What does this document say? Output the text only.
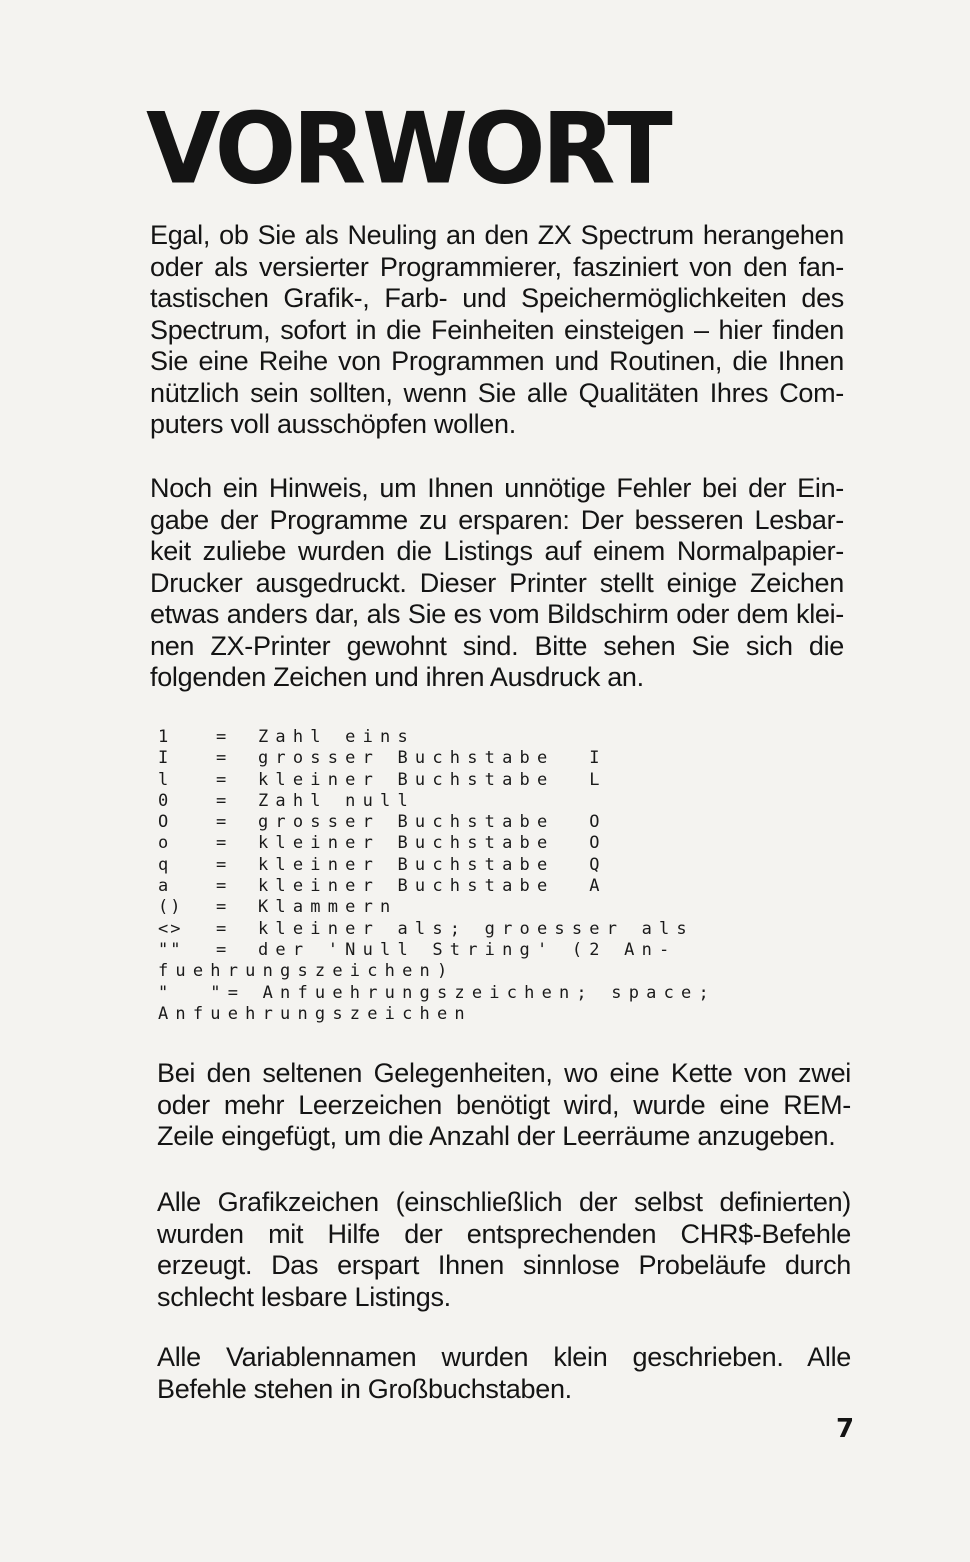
VORWORT
Egal, ob Sie als Neuling an den ZX Spectrum herangehen
oder als versierter Programmierer, fasziniert von den fan-
tastischen Grafik-, Farb- und Speichermöglichkeiten des
Spectrum, sofort in die Feinheiten einsteigen – hier finden
Sie eine Reihe von Programmen und Routinen, die Ihnen
nützlich sein sollten, wenn Sie alle Qualitäten Ihres Com-
puters voll ausschöpfen wollen.
Noch ein Hinweis, um Ihnen unnötige Fehler bei der Ein-
gabe der Programme zu ersparen: Der besseren Lesbar-
keit zuliebe wurden die Listings auf einem Normalpapier-
Drucker ausgedruckt. Dieser Printer stellt einige Zeichen
etwas anders dar, als Sie es vom Bildschirm oder dem klei-
nen ZX-Printer gewohnt sind. Bitte sehen Sie sich die
folgenden Zeichen und ihren Ausdruck an.
1	=	Zahl eins
I	=	grosser Buchstabe  I
l	=	kleiner Buchstabe  L
0	=	Zahl null
O	=	grosser Buchstabe  O
o	=	kleiner Buchstabe  O
q	=	kleiner Buchstabe  Q
a	=	kleiner Buchstabe  A
()	=	Klammern
<>	=	kleiner als; groesser als
""	=	der 'Null String' (2 An-
fuehrungszeichen)
"  "= Anfuehrungszeichen; space;
Anfuehrungszeichen
Bei den seltenen Gelegenheiten, wo eine Kette von zwei
oder mehr Leerzeichen benötigt wird, wurde eine REM-
Zeile eingefügt, um die Anzahl der Leerräume anzugeben.
Alle Grafikzeichen (einschließlich der selbst definierten)
wurden mit Hilfe der entsprechenden CHR$-Befehle
erzeugt. Das erspart Ihnen sinnlose Probeläufe durch
schlecht lesbare Listings.
Alle Variablennamen wurden klein geschrieben. Alle
Befehle stehen in Großbuchstaben.
7
